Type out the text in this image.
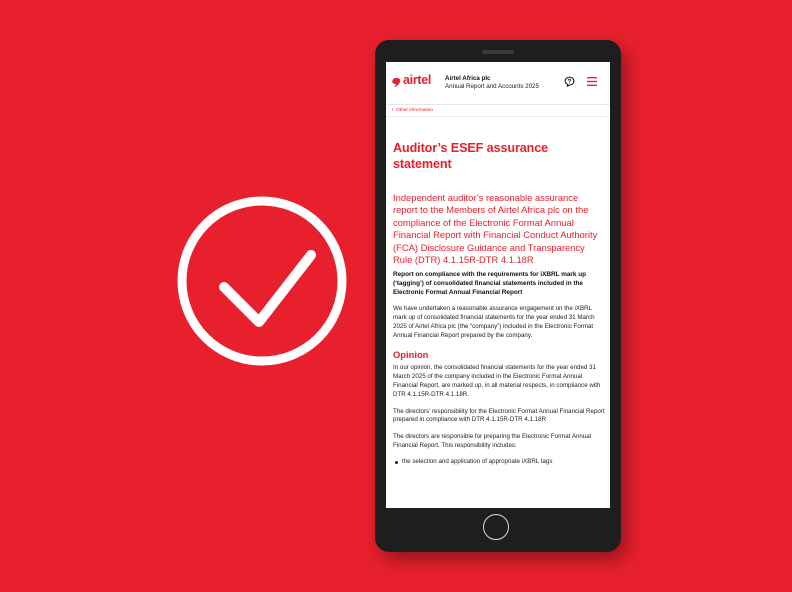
airtel Airtel Africa plc
Annual Report and Accounts 2025
/ Other information
Auditor’s ESEF assurance statement

Independent auditor’s reasonable assurance report to the Members of Airtel Africa plc on the compliance of the Electronic Format Annual Financial Report with Financial Conduct Authority (FCA) Disclosure Guidance and Transparency Rule (DTR) 4.1.15R-DTR 4.1.18R

Report on compliance with the requirements for iXBRL mark up (‘tagging’) of consolidated financial statements included in the Electronic Format Annual Financial Report

We have undertaken a reasonable assurance engagement on the iXBRL mark up of consolidated financial statements for the year ended 31 March 2025 of Airtel Africa plc (the “company”) included in the Electronic Format Annual Financial Report prepared by the company.

Opinion

In our opinion, the consolidated financial statements for the year ended 31 March 2025 of the company included in the Electronic Format Annual Financial Report, are marked up, in all material respects, in compliance with DTR 4.1.15R-DTR 4.1.18R.

The directors’ responsibility for the Electronic Format Annual Financial Report prepared in compliance with DTR 4.1.15R-DTR 4.1.18R

The directors are responsible for preparing the Electronic Format Annual Financial Report. This responsibility includes:

the selection and application of appropriate iXBRL tags
